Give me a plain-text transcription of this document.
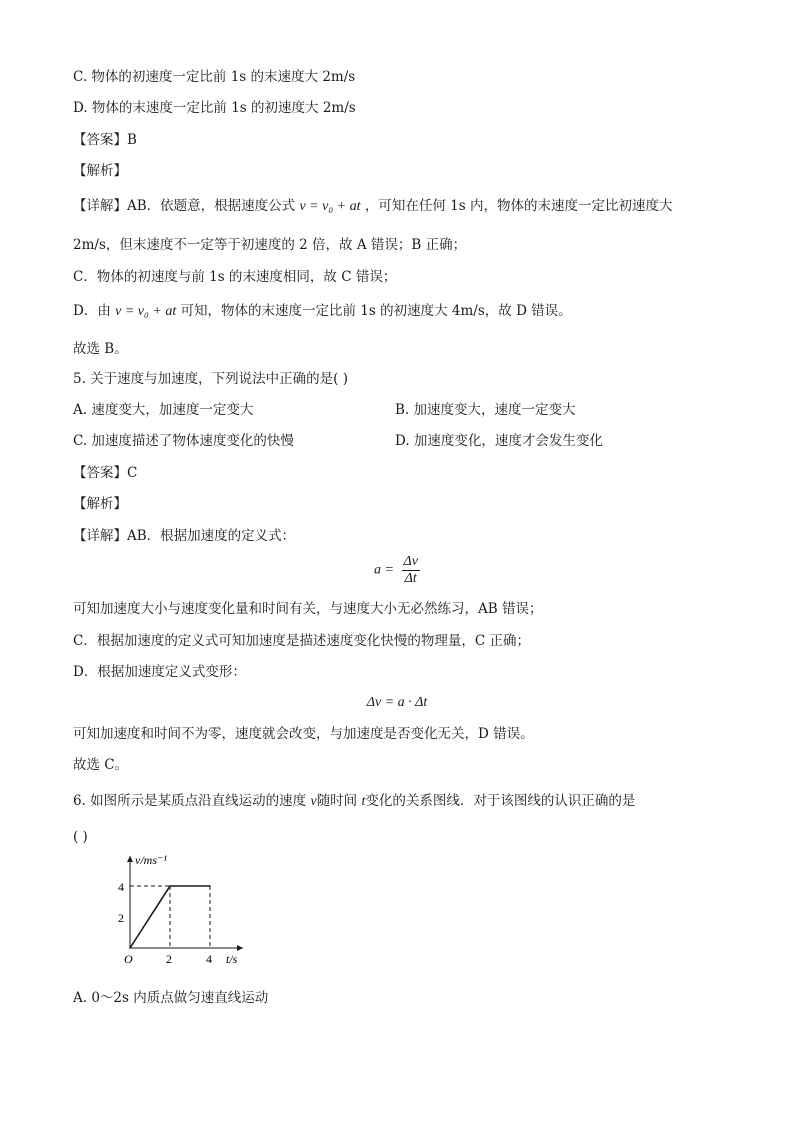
C. 物体的初速度一定比前 1s 的末速度大 2m/s
D. 物体的末速度一定比前 1s 的初速度大 2m/s
【答案】B
【解析】
【详解】AB．依题意，根据速度公式 v = v₀ + at ，可知在任何 1s 内，物体的末速度一定比初速度大
2m/s，但末速度不一定等于初速度的 2 倍，故 A 错误；B 正确；
C．物体的初速度与前 1s 的末速度相同，故 C 错误；
D．由 v = v₀ + at 可知，物体的末速度一定比前 1s 的初速度大 4m/s，故 D 错误。
故选 B。
5. 关于速度与加速度，下列说法中正确的是( )
A. 速度变大，加速度一定变大	B. 加速度变大，速度一定变大
C. 加速度描述了物体速度变化的快慢	D. 加速度变化，速度才会发生变化
【答案】C
【解析】
【详解】AB．根据加速度的定义式：
$a = \frac{\Delta v}{\Delta t}$
可知加速度大小与速度变化量和时间有关，与速度大小无必然练习，AB 错误；
C．根据加速度的定义式可知加速度是描述速度变化快慢的物理量，C 正确；
D．根据加速度定义式变形：
Δv = a · Δt
可知加速度和时间不为零，速度就会改变，与加速度是否变化无关，D 错误。
故选 C。
6. 如图所示是某质点沿直线运动的速度 v随时间 t变化的关系图线．对于该图线的认识正确的是
( )
v/ms⁻¹
t/s
O
4
2
2	4
A. 0～2s 内质点做匀速直线运动
